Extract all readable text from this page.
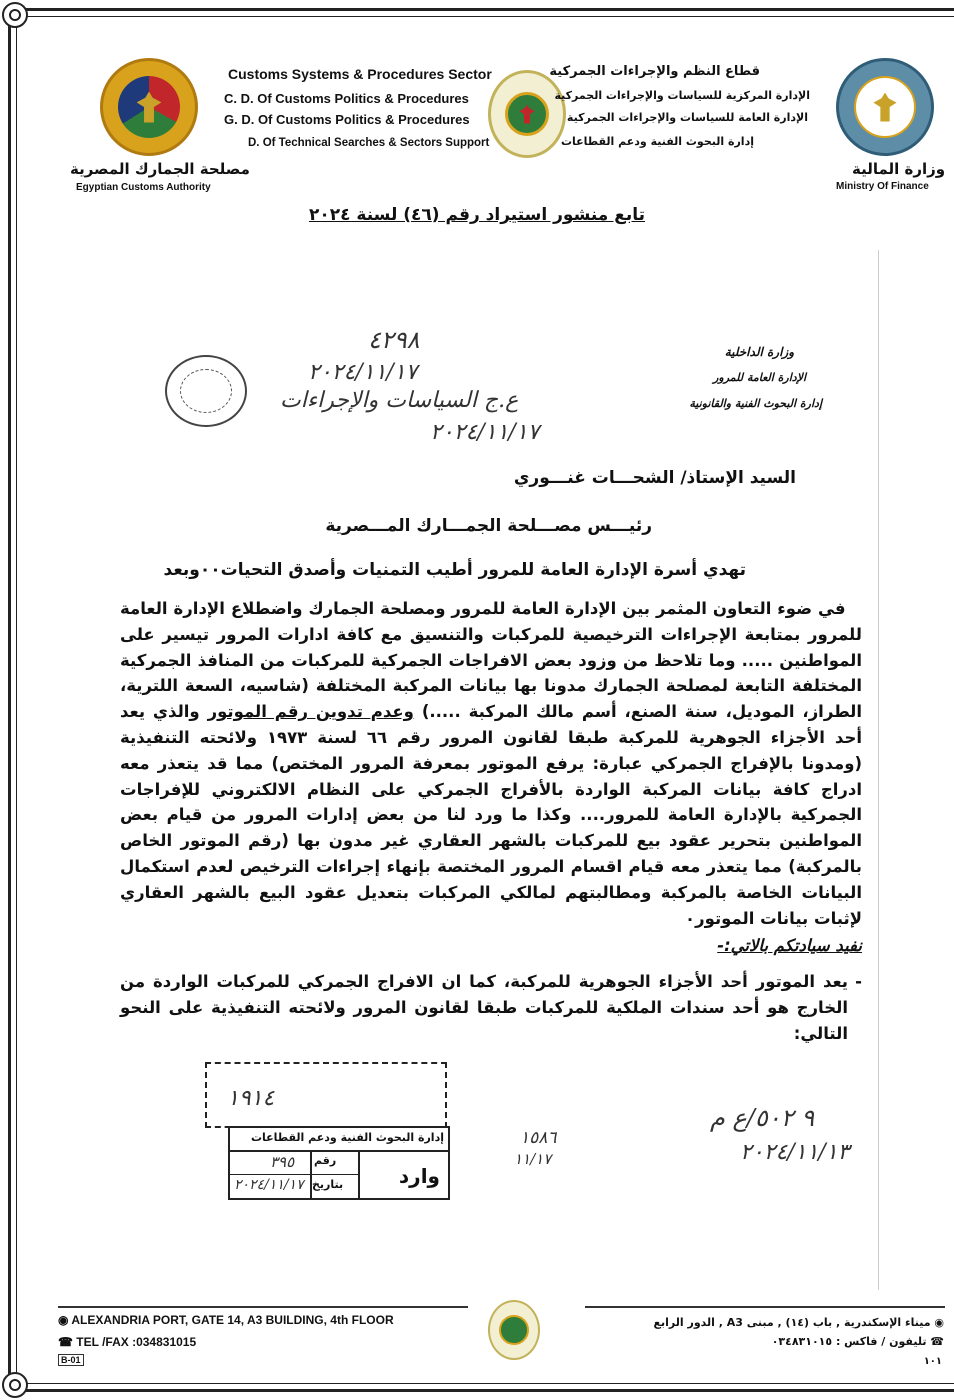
مصلحة الجمارك المصرية
Egyptian Customs Authority
Customs Systems & Procedures Sector
C. D. Of Customs Politics & Procedures
G. D. Of Customs Politics & Procedures
D. Of Technical Searches & Sectors Support
قطاع النظم والإجراءات الجمركية
الإدارة المركزية للسياسات والإجراءات الجمركية
الإدارة العامة للسياسات والإجراءات الجمركية
إدارة البحوث الفنية ودعم القطاعات
وزارة المالية
Ministry Of Finance
تابع منشور استيراد رقم (٤٦) لسنة ٢٠٢٤
وزارة الداخلية
الإدارة العامة للمرور
إدارة البحوث الفنية والقانونية
٤٢٩٨
٢٠٢٤/١١/١٧
ع.ج السياسات والإجراءات
٢٠٢٤/١١/١٧
السيد الإستاذ/ الشحـــات غنـــوري
رئيـــس مصـــلحة الجمـــارك المـــصرية
تهدي أسرة الإدارة العامة للمرور أطيب التمنيات وأصدق التحيات٠٠وبعد

 في ضوء التعاون المثمر بين الإدارة العامة للمرور ومصلحة الجمارك واضطلاع الإدارة العامة للمرور بمتابعة الإجراءات الترخيصية للمركبات والتنسيق مع كافة ادارات المرور تيسير على المواطنين ..... وما تلاحظ من وزود بعض الافراجات الجمركية للمركبات من المنافذ الجمركية المختلفة التابعة لمصلحة الجمارك مدونا بها بيانات المركبة المختلفة (شاسيه، السعة اللترية، الطراز، الموديل، سنة الصنع، أسم مالك المركبة .....) وعدم تدوين رقم الموتور والذي يعد أحد الأجزاء الجوهرية للمركبة طبقا لقانون المرور رقم ٦٦ لسنة ١٩٧٣ ولائحته التنفيذية (ومدونا بالإفراج الجمركي عبارة: يرفع الموتور بمعرفة المرور المختص) مما قد يتعذر معه ادراج كافة بيانات المركبة الواردة بالأفراج الجمركي على النظام الالكتروني للإفراجات الجمركية بالإدارة العامة للمرور.... وكذا ما ورد لنا من بعض إدارات المرور من قيام بعض المواطنين بتحرير عقود بيع للمركبات بالشهر العقاري غير مدون بها (رقم الموتور الخاص بالمركبة) مما يتعذر معه قيام اقسام المرور المختصة بإنهاء إجراءات الترخيص لعدم استكمال البيانات الخاصة بالمركبة ومطالبتهم لمالكي المركبات بتعديل عقود البيع بالشهر العقاري لإثبات بيانات الموتور٠

نفيد سيادتكم بالاتي:-

-
يعد الموتور أحد الأجزاء الجوهرية للمركبة، كما ان الافراج الجمركي للمركبات الواردة من الخارج هو أحد سندات الملكية للمركبات طبقا لقانون المرور ولائحته التنفيذية على النحو التالي:

١٩١٤
إدارة البحوث الفنية ودعم القطاعات
وارد
رقم
بتاريخ
٣٩٥
٢٠٢٤/١١/١٧
١٥٨٦
١١/١٧
٩ ٥٠٢/ع م
٢٠٢٤/١١/١٣
◉ ALEXANDRIA PORT, GATE 14, A3 BUILDING, 4th FLOOR
☎ TEL /FAX :034831015
B-01
◉ ميناء الإسكندرية , باب (١٤) , مبنى A3 , الدور الرابع
☎ تليفون / فاكس : ٠٣٤٨٣١٠١٥
١٠١
